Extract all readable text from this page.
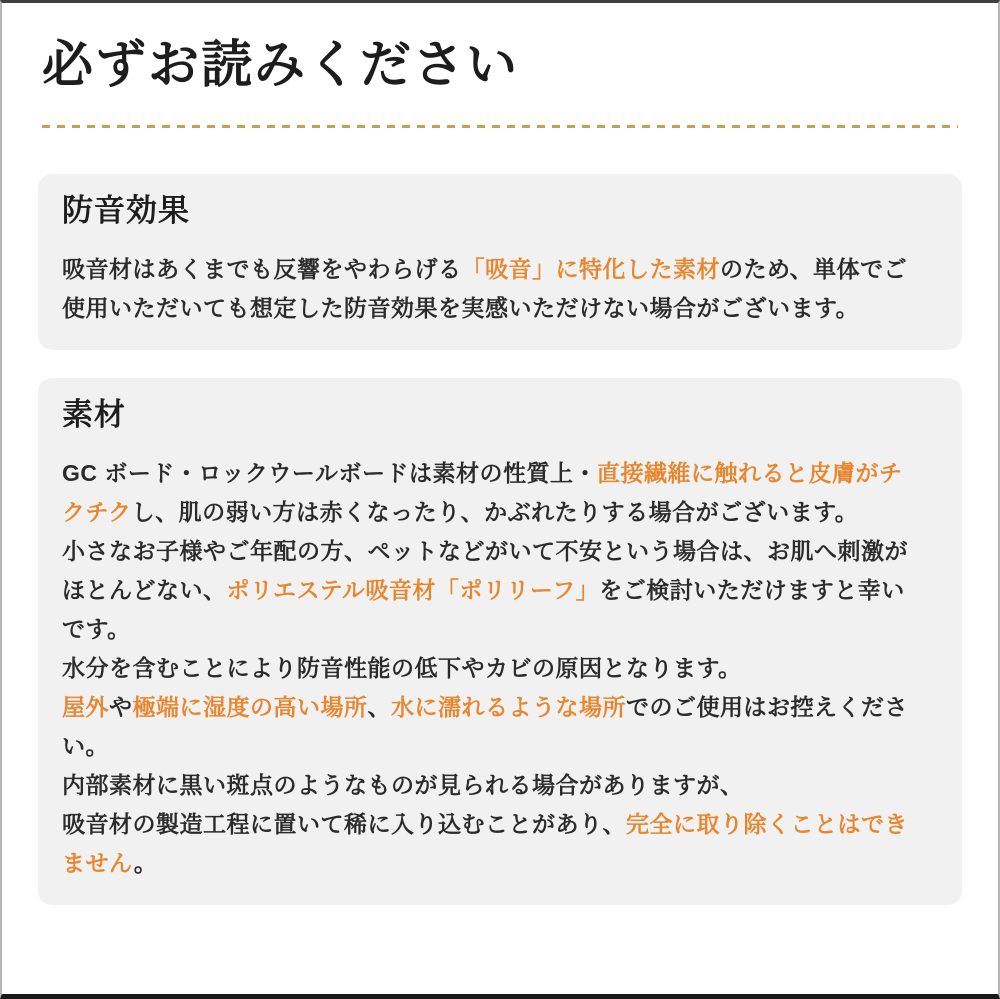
必ずお読みください
防音効果

吸音材はあくまでも反響をやわらげる「吸音」に特化した素材のため、単体でご
使用いただいても想定した防音効果を実感いただけない場合がございます。

素材

GC ボード・ロックウールボードは素材の性質上・直接繊維に触れると皮膚がチ
クチクし、肌の弱い方は赤くなったり、かぶれたりする場合がございます。
小さなお子様やご年配の方、ペットなどがいて不安という場合は、お肌へ刺激が
ほとんどない、ポリエステル吸音材「ポリリーフ」をご検討いただけますと幸い
です。
水分を含むことにより防音性能の低下やカビの原因となります。
屋外や極端に湿度の高い場所、水に濡れるような場所でのご使用はお控えくださ
い。
内部素材に黒い斑点のようなものが見られる場合がありますが、
吸音材の製造工程に置いて稀に入り込むことがあり、完全に取り除くことはでき
ません。
